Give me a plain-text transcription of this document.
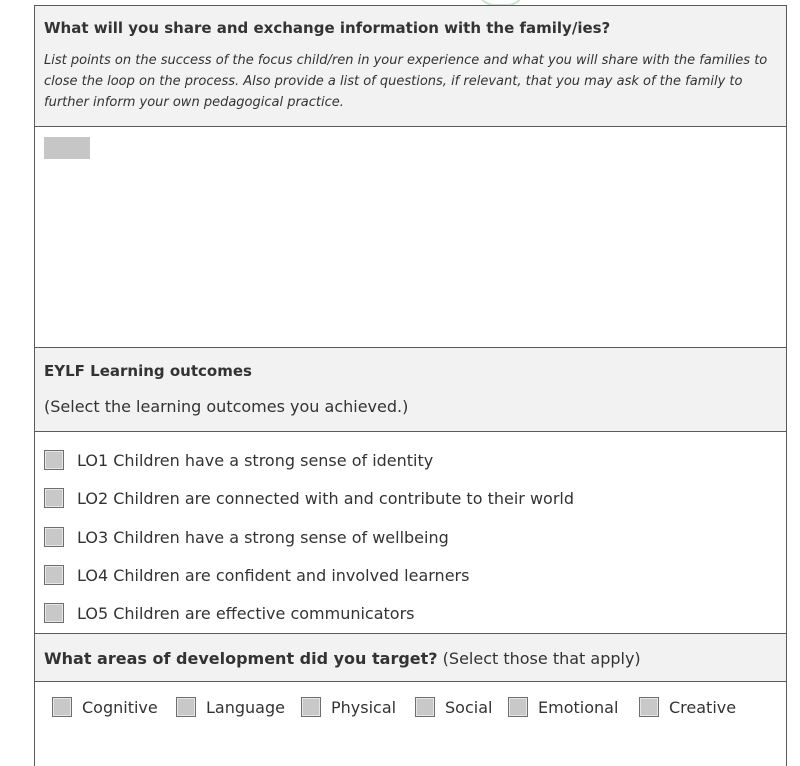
What will you share and exchange information with the family/ies?
List points on the success of the focus child/ren in your experience and what you will share with the families to close the loop on the process. Also provide a list of questions, if relevant, that you may ask of the family to further inform your own pedagogical practice.
EYLF Learning outcomes
(Select the learning outcomes you achieved.)
LO1 Children have a strong sense of identity
LO2 Children are connected with and contribute to their world
LO3 Children have a strong sense of wellbeing
LO4 Children are confident and involved learners
LO5 Children are effective communicators
What areas of development did you target? (Select those that apply)
Cognitive	Language	Physical	Social	Emotional	Creative
